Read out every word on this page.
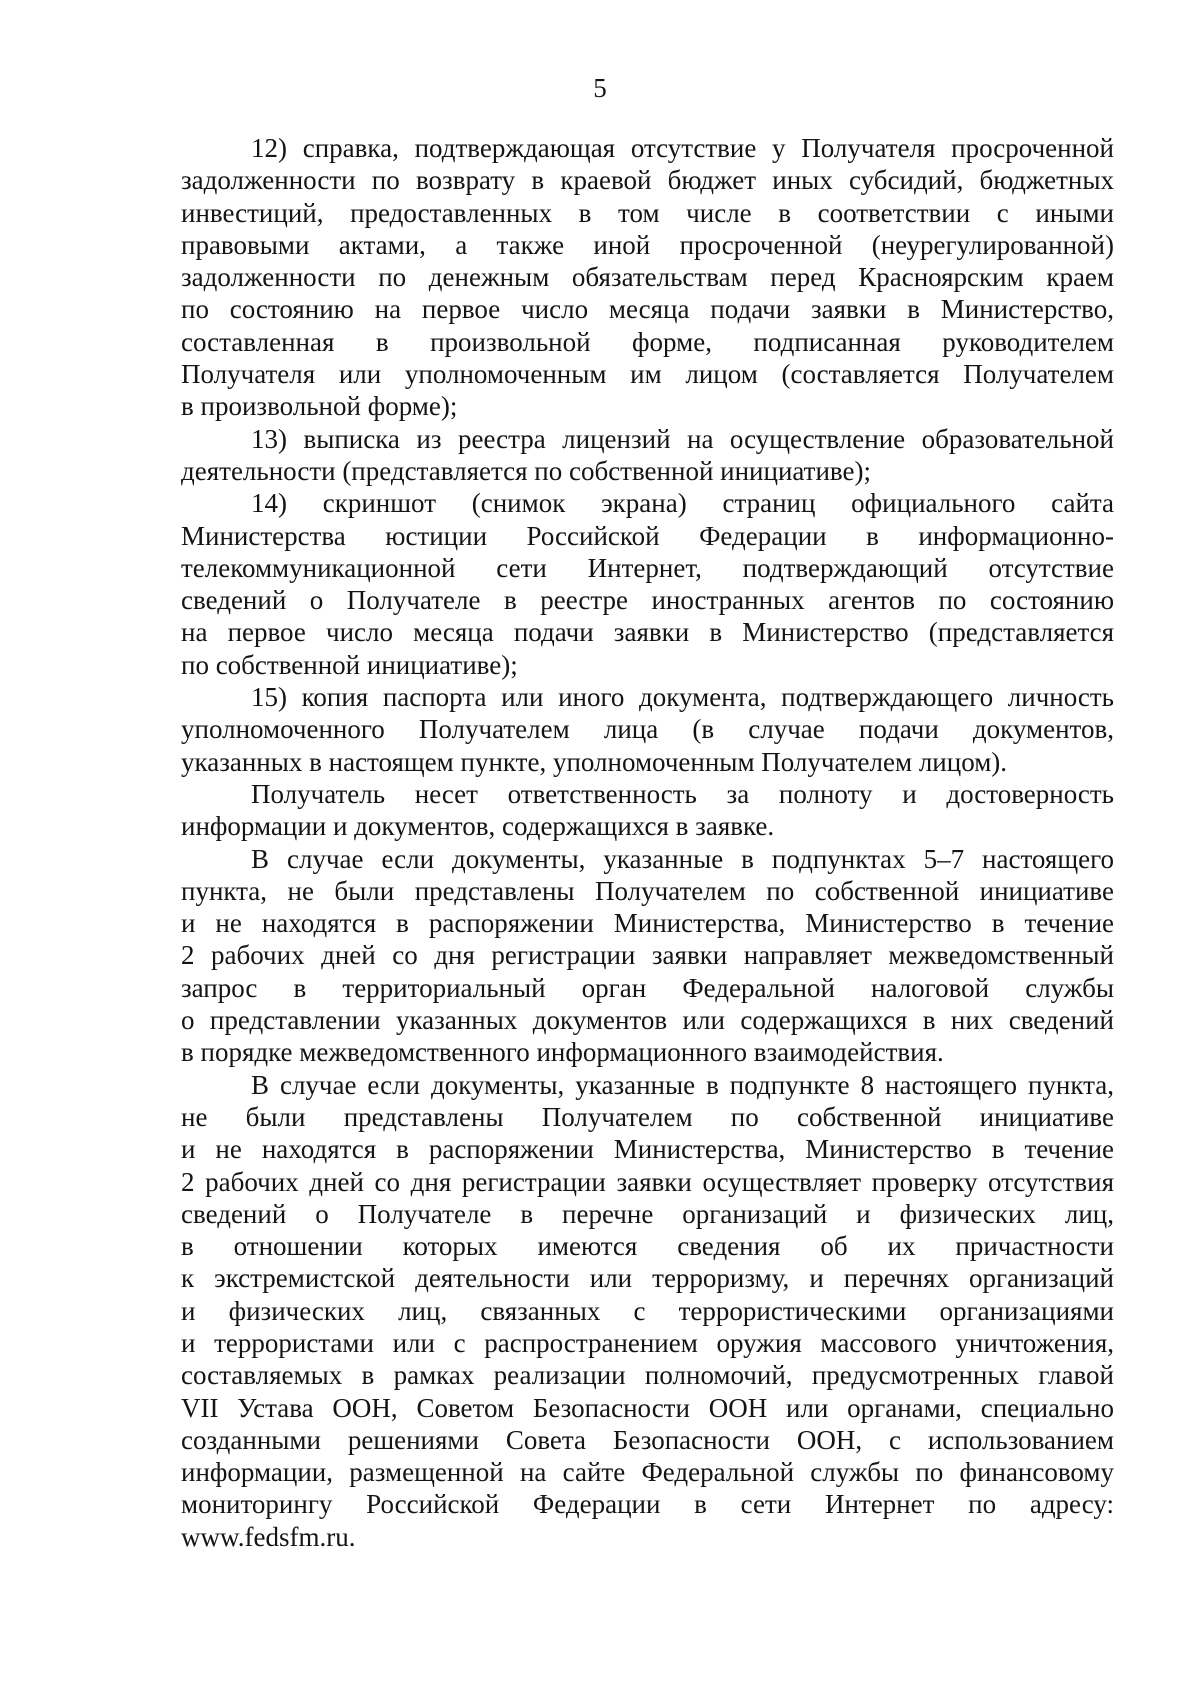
5
12) справка, подтверждающая отсутствие у Получателя просроченной
задолженности по возврату в краевой бюджет иных субсидий, бюджетных
инвестиций, предоставленных в том числе в соответствии с иными
правовыми актами, а также иной просроченной (неурегулированной)
задолженности по денежным обязательствам перед Красноярским краем
по состоянию на первое число месяца подачи заявки в Министерство,
составленная в произвольной форме, подписанная руководителем
Получателя или уполномоченным им лицом (составляется Получателем
в произвольной форме);
13) выписка из реестра лицензий на осуществление образовательной
деятельности (представляется по собственной инициативе);
14) скриншот (снимок экрана) страниц официального сайта
Министерства юстиции Российской Федерации в информационно-
телекоммуникационной сети Интернет, подтверждающий отсутствие
сведений о Получателе в реестре иностранных агентов по состоянию
на первое число месяца подачи заявки в Министерство (представляется
по собственной инициативе);
15) копия паспорта или иного документа, подтверждающего личность
уполномоченного Получателем лица (в случае подачи документов,
указанных в настоящем пункте, уполномоченным Получателем лицом).
Получатель несет ответственность за полноту и достоверность
информации и документов, содержащихся в заявке.
В случае если документы, указанные в подпунктах 5–7 настоящего
пункта, не были представлены Получателем по собственной инициативе
и не находятся в распоряжении Министерства, Министерство в течение
2 рабочих дней со дня регистрации заявки направляет межведомственный
запрос в территориальный орган Федеральной налоговой службы
о представлении указанных документов или содержащихся в них сведений
в порядке межведомственного информационного взаимодействия.
В случае если документы, указанные в подпункте 8 настоящего пункта,
не были представлены Получателем по собственной инициативе
и не находятся в распоряжении Министерства, Министерство в течение
2 рабочих дней со дня регистрации заявки осуществляет проверку отсутствия
сведений о Получателе в перечне организаций и физических лиц,
в отношении которых имеются сведения об их причастности
к экстремистской деятельности или терроризму, и перечнях организаций
и физических лиц, связанных с террористическими организациями
и террористами или с распространением оружия массового уничтожения,
составляемых в рамках реализации полномочий, предусмотренных главой
VII Устава ООН, Советом Безопасности ООН или органами, специально
созданными решениями Совета Безопасности ООН, с использованием
информации, размещенной на сайте Федеральной службы по финансовому
мониторингу Российской Федерации в сети Интернет по адресу:
www.fedsfm.ru.
